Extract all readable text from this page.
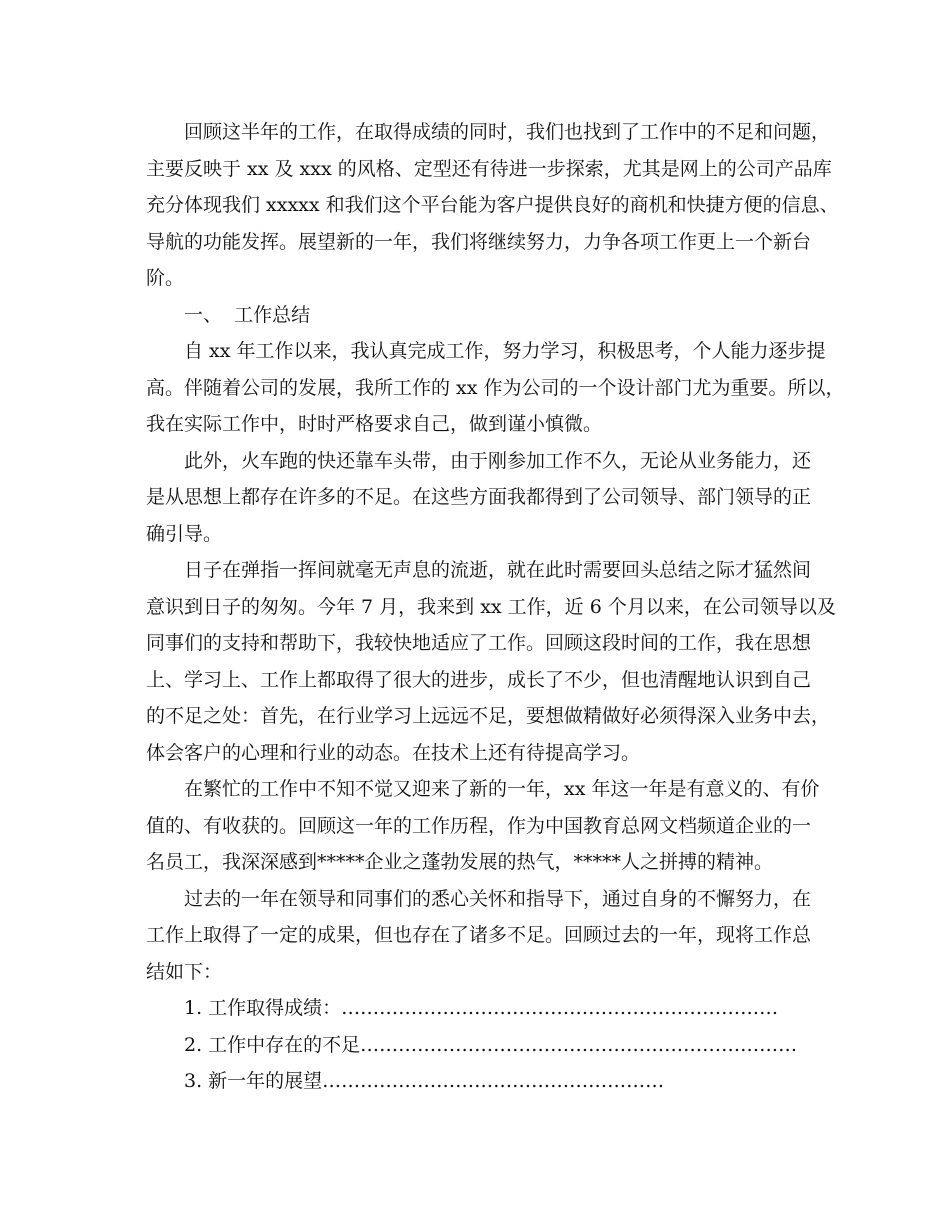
回顾这半年的工作，在取得成绩的同时，我们也找到了工作中的不足和问题，
主要反映于 xx 及 xxx 的风格、定型还有待进一步探索，尤其是网上的公司产品库
充分体现我们 xxxxx 和我们这个平台能为客户提供良好的商机和快捷方便的信息、
导航的功能发挥。展望新的一年，我们将继续努力，力争各项工作更上一个新台
阶。
一、  工作总结
自 xx 年工作以来，我认真完成工作，努力学习，积极思考，个人能力逐步提
高。伴随着公司的发展，我所工作的 xx 作为公司的一个设计部门尤为重要。所以，
我在实际工作中，时时严格要求自己，做到谨小慎微。
此外，火车跑的快还靠车头带，由于刚参加工作不久，无论从业务能力，还
是从思想上都存在许多的不足。在这些方面我都得到了公司领导、部门领导的正
确引导。
日子在弹指一挥间就毫无声息的流逝，就在此时需要回头总结之际才猛然间
意识到日子的匆匆。今年 7 月，我来到 xx 工作，近 6 个月以来，在公司领导以及
同事们的支持和帮助下，我较快地适应了工作。回顾这段时间的工作，我在思想
上、学习上、工作上都取得了很大的进步，成长了不少，但也清醒地认识到自己
的不足之处：首先，在行业学习上远远不足，要想做精做好必须得深入业务中去，
体会客户的心理和行业的动态。在技术上还有待提高学习。
在繁忙的工作中不知不觉又迎来了新的一年，xx 年这一年是有意义的、有价
值的、有收获的。回顾这一年的工作历程，作为中国教育总网文档频道企业的一
名员工，我深深感到*****企业之蓬勃发展的热气，*****人之拼搏的精神。
过去的一年在领导和同事们的悉心关怀和指导下，通过自身的不懈努力，在
工作上取得了一定的成果，但也存在了诸多不足。回顾过去的一年，现将工作总
结如下：
1. 工作取得成绩：……………………………………………………………
2. 工作中存在的不足……………………………………………………………
3. 新一年的展望………………………………………………
